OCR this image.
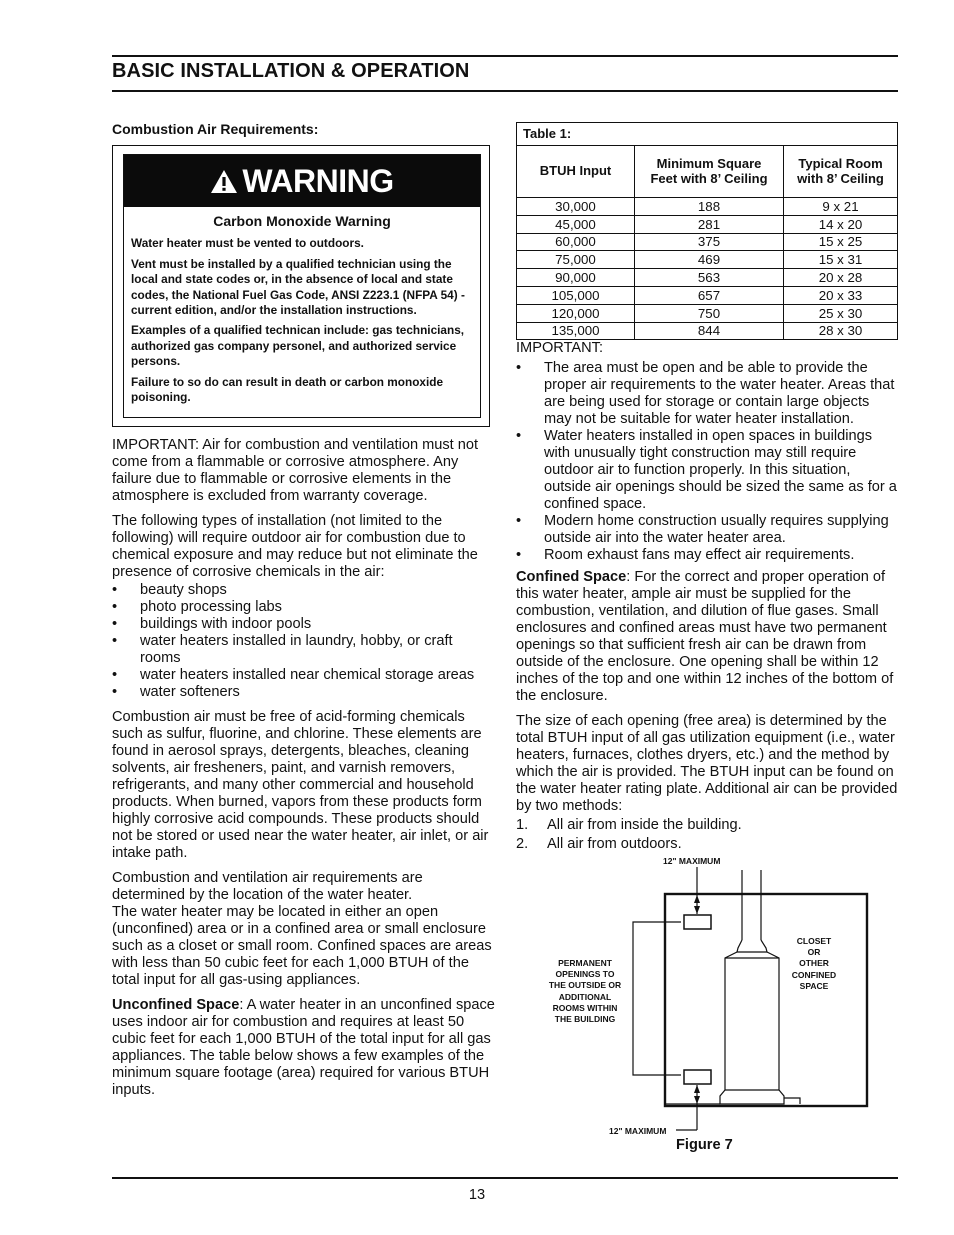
BASIC INSTALLATION & OPERATION
Combustion Air Requirements:
WARNING
Carbon Monoxide Warning

Water heater must be vented to outdoors.

Vent must be installed by a qualified technician using the local and state codes or, in the absence of local and state codes, the National Fuel Gas Code, ANSI Z223.1 (NFPA 54) - current edition, and/or the installation instructions.

Examples of a qualified technican include: gas technicians, authorized gas company personel, and authorized service persons.

Failure to so do can result in death or carbon monoxide poisoning.

IMPORTANT: Air for combustion and ventilation must not come from a flammable or corrosive atmosphere. Any failure due to flammable or corrosive elements in the atmosphere is excluded from warranty coverage.

The following types of installation (not limited to the following) will require outdoor air for combustion due to chemical exposure and may reduce but not eliminate the presence of corrosive chemicals in the air:

• beauty shops
• photo processing labs
• buildings with indoor pools
• water heaters installed in laundry, hobby, or craft rooms
• water heaters installed near chemical storage areas
• water softeners

Combustion air must be free of acid-forming chemicals such as sulfur, fluorine, and chlorine. These elements are found in aerosol sprays, detergents, bleaches, cleaning solvents, air fresheners, paint, and varnish removers, refrigerants, and many other commercial and household products. When burned, vapors from these products form highly corrosive acid compounds. These products should not be stored or used near the water heater, air inlet, or air intake path.

Combustion and ventilation air requirements are determined by the location of the water heater.

The water heater may be located in either an open (unconfined) area or in a confined area or small enclosure such as a closet or small room. Confined spaces are areas with less than 50 cubic feet for each 1,000 BTUH of the total input for all gas-using appliances.

Unconfined Space: A water heater in an unconfined space uses indoor air for combustion and requires at least 50 cubic feet for each 1,000 BTUH of the total input for all gas appliances. The table below shows a few examples of the minimum square footage (area) required for various BTUH inputs.

Table 1:
BTUH Input	Minimum Square Feet with 8’ Ceiling	Typical Room with 8’ Ceiling
30,000	188	9 x 21
45,000	281	14 x 20
60,000	375	15 x 25
75,000	469	15 x 31
90,000	563	20 x 28
105,000	657	20 x 33
120,000	750	25 x 30
135,000	844	28 x 30

IMPORTANT:

• The area must be open and be able to provide the proper air requirements to the water heater. Areas that are being used for storage or contain large objects may not be suitable for water heater installation.
• Water heaters installed in open spaces in buildings with unusually tight construction may still require outdoor air to function properly. In this situation, outside air openings should be sized the same as for a confined space.
• Modern home construction usually requires supplying outside air into the water heater area.
• Room exhaust fans may effect air requirements.

Confined Space: For the correct and proper operation of this water heater, ample air must be supplied for the combustion, ventilation, and dilution of flue gases. Small enclosures and confined areas must have two permanent openings so that sufficient fresh air can be drawn from outside of the enclosure. One opening shall be within 12 inches of the top and one within 12 inches of the bottom of the enclosure.

The size of each opening (free area) is determined by the total BTUH input of all gas utilization equipment (i.e., water heaters, furnaces, clothes dryers, etc.) and the method by which the air is provided. The BTUH input can be found on the water heater rating plate. Additional air can be provided by two methods:

1. All air from inside the building.
2. All air from outdoors.
12" MAXIMUM
12" MAXIMUM
PERMANENT
OPENINGS TO
THE OUTSIDE OR
ADDITIONAL
ROOMS WITHIN
THE BUILDING
CLOSET
OR
OTHER
CONFINED
SPACE
Figure 7
13
